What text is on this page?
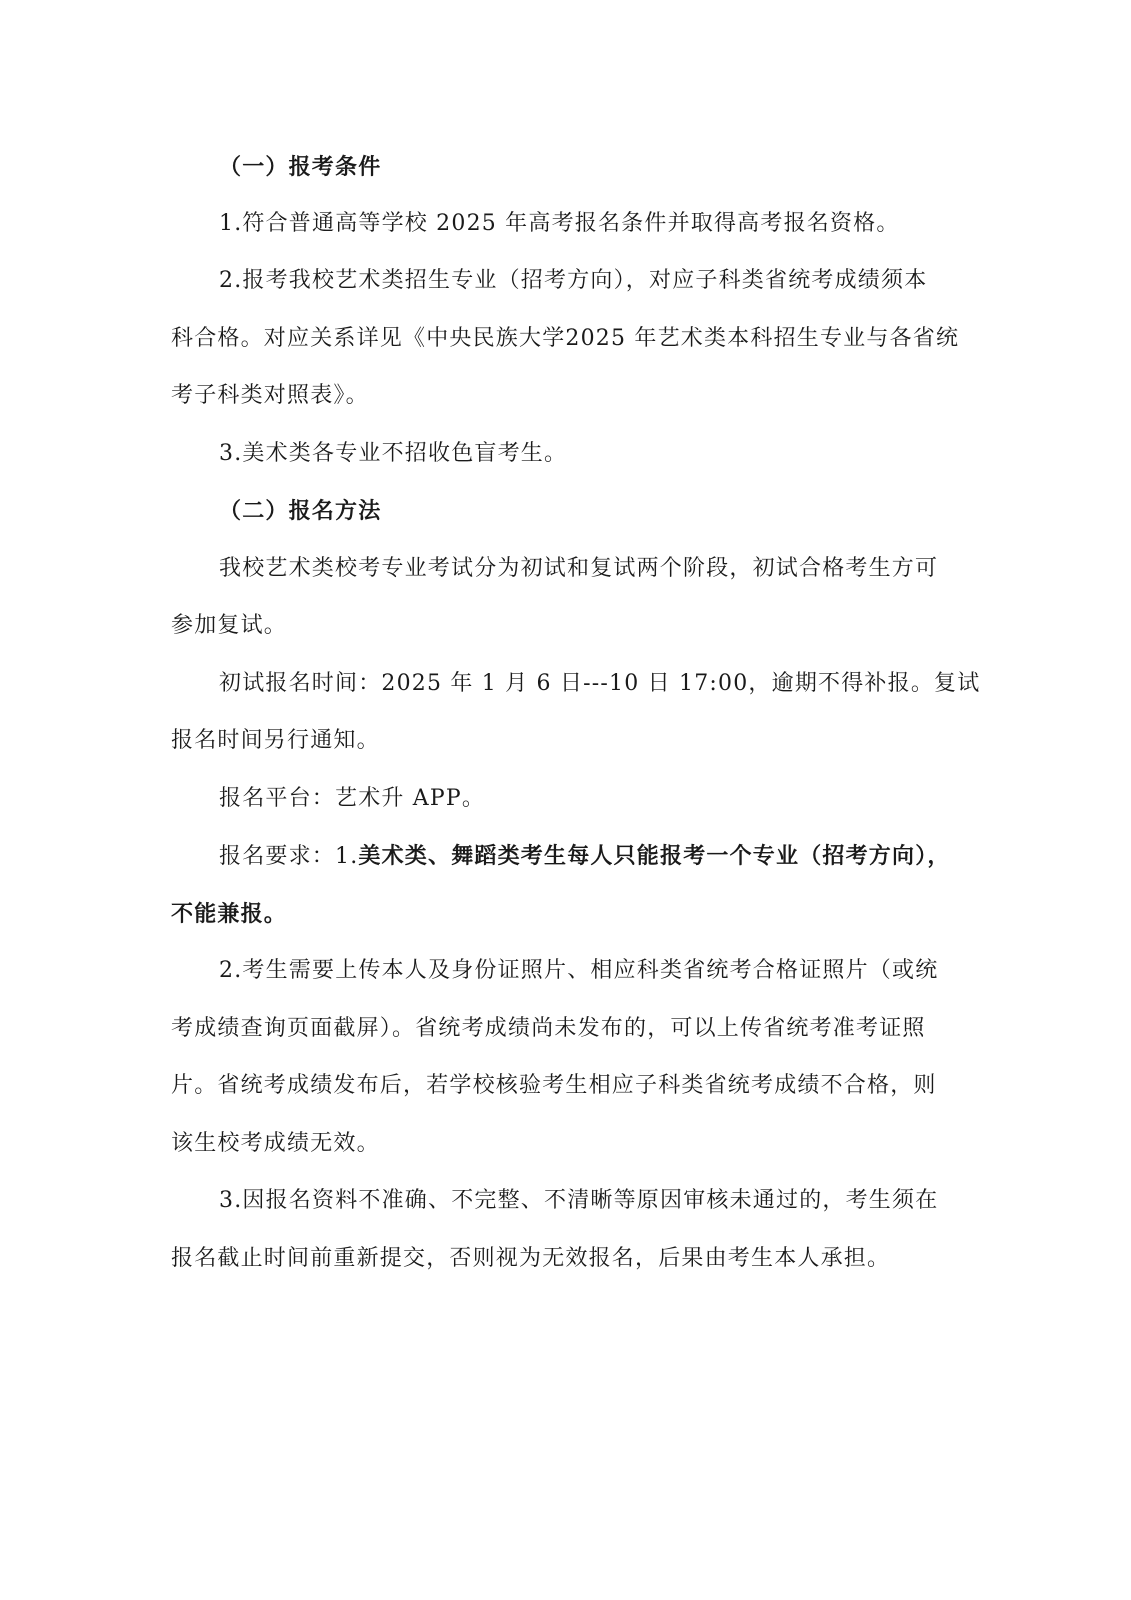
（一）报考条件
1.符合普通高等学校 2025 年高考报名条件并取得高考报名资格。
2.报考我校艺术类招生专业（招考方向），对应子科类省统考成绩须本
科合格。对应关系详见《中央民族大学2025 年艺术类本科招生专业与各省统
考子科类对照表》。
3.美术类各专业不招收色盲考生。
（二）报名方法
我校艺术类校考专业考试分为初试和复试两个阶段，初试合格考生方可
参加复试。
初试报名时间：2025 年 1 月 6 日---10 日 17:00，逾期不得补报。复试
报名时间另行通知。
报名平台：艺术升 APP。
报名要求：1.美术类、舞蹈类考生每人只能报考一个专业（招考方向），
不能兼报。
2.考生需要上传本人及身份证照片、相应科类省统考合格证照片（或统
考成绩查询页面截屏）。省统考成绩尚未发布的，可以上传省统考准考证照
片。省统考成绩发布后，若学校核验考生相应子科类省统考成绩不合格，则
该生校考成绩无效。
3.因报名资料不准确、不完整、不清晰等原因审核未通过的，考生须在
报名截止时间前重新提交，否则视为无效报名，后果由考生本人承担。
